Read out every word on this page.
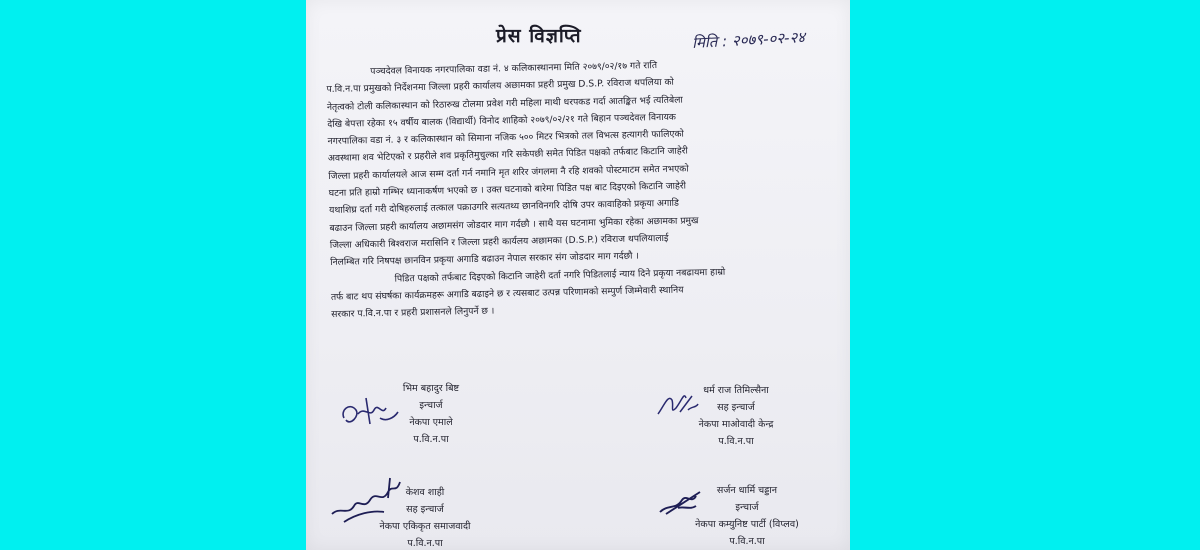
प्रेस विज्ञप्ति	मिति : २०७९-०२-२४
पञ्चदेवल विनायक नगरपालिका वडा नं. ४ कलिकास्थानमा मिति २०७९/०२/१७ गते राति
प.वि.न.पा प्रमुखको निर्देशनमा जिल्ला प्रहरी कार्यालय अछामका प्रहरी प्रमुख D.S.P. रविराज थपलिया को
नेतृत्वको टोली कलिकास्थान को रिठारुख टोलमा प्रवेश गरी महिला माथी धरपकड गर्दा आतङ्कित भई त्यतिबेला
देखि बेपत्ता रहेका १५ वर्षीय बालक (विद्यार्थी) विनोद शाहिको २०७९/०२/२१ गते बिहान पञ्चदेवल विनायक
नगरपालिका वडा नं. ३ र कलिकास्थान को सिमाना नजिक ५०० मिटर भित्रको तल विभत्स हत्यागरी फालिएको
अवस्थामा शव भेटिएको र प्रहरीले शव प्रकृतिमुचुल्का गरि सकेपछी समेत पिडित पक्षको तर्फबाट किटानि जाहेरी
जिल्ला प्रहरी कार्यालयले आज सम्म दर्ता गर्न नमानि मृत शरिर जंगलमा नै रहि शवको पोस्टमाटम समेत नभएको
घटना प्रति हाम्रो गम्भिर ध्यानाकर्षण भएको छ । उक्त घटनाको बारेमा पिडित पक्ष बाट दिइएको किटानि जाहेरी
यथाशिघ्र दर्ता गरी दोषिहरुलाई तत्काल पक्राउगरि सत्यतथ्य छानविनगरि दोषि उपर कावाहिको प्रकृया अगाडि
बढाउन जिल्ला प्रहरी कार्यालय अछामसंग जोडदार माग गर्दछौ । साथै यस घटनामा भुमिका रहेका अछामका प्रमुख
जिल्ला अधिकारी बिश्वराज मरासिनि र जिल्ला प्रहरी कार्यलय अछामका (D.S.P.) रविराज थपलियालाई
निलम्बित गरि निषपक्ष छानविन प्रकृया अगाडि बढाउन नेपाल सरकार संग जोडदार माग गर्दछौ ।
पिडित पक्षको तर्फबाट दिइएको किटानि जाहेरी दर्ता नगरि पिडितलाई न्याय दिने प्रकृया नबढायमा हाम्रो
तर्फ बाट थप संघर्षका कार्यक्रमहरू अगाडि बढाइने छ र त्यसबाट उत्पन्न परिणामको सम्पुर्ण जिम्मेवारी स्थानिय
सरकार प.वि.न.पा र प्रहरी प्रशासनले लिनुपर्ने छ ।
भिम बहादुर बिष्ट
इन्चार्ज
नेकपा एमाले
प.वि.न.पा
धर्म राज तिमिल्सैना
सह इन्चार्ज
नेकपा माओवादी केन्द्र
प.वि.न.पा
केशव शाही
सह इन्चार्ज
नेकपा एकिकृत समाजवादी
प.वि.न.पा
सर्जन धार्मि चड्डान
इन्चार्ज
नेकपा कम्युनिष्ट पार्टी (विप्लव)
प.वि.न.पा
